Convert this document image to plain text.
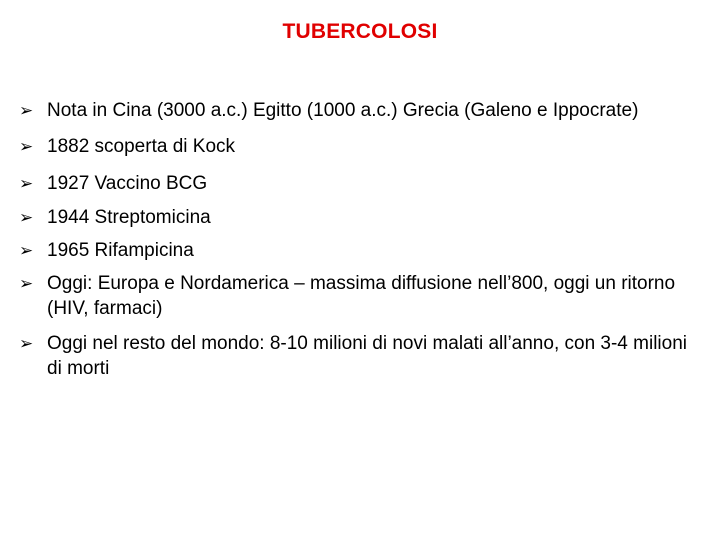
TUBERCOLOSI
➢ Nota in Cina (3000 a.c.) Egitto (1000 a.c.) Grecia (Galeno e Ippocrate)
➢ 1882 scoperta di Kock
➢ 1927 Vaccino BCG
➢ 1944 Streptomicina
➢ 1965 Rifampicina
➢ Oggi: Europa e Nordamerica – massima diffusione nell’800, oggi un ritorno (HIV, farmaci)
➢ Oggi nel resto del mondo: 8-10 milioni di novi malati all’anno, con 3-4 milioni di morti
